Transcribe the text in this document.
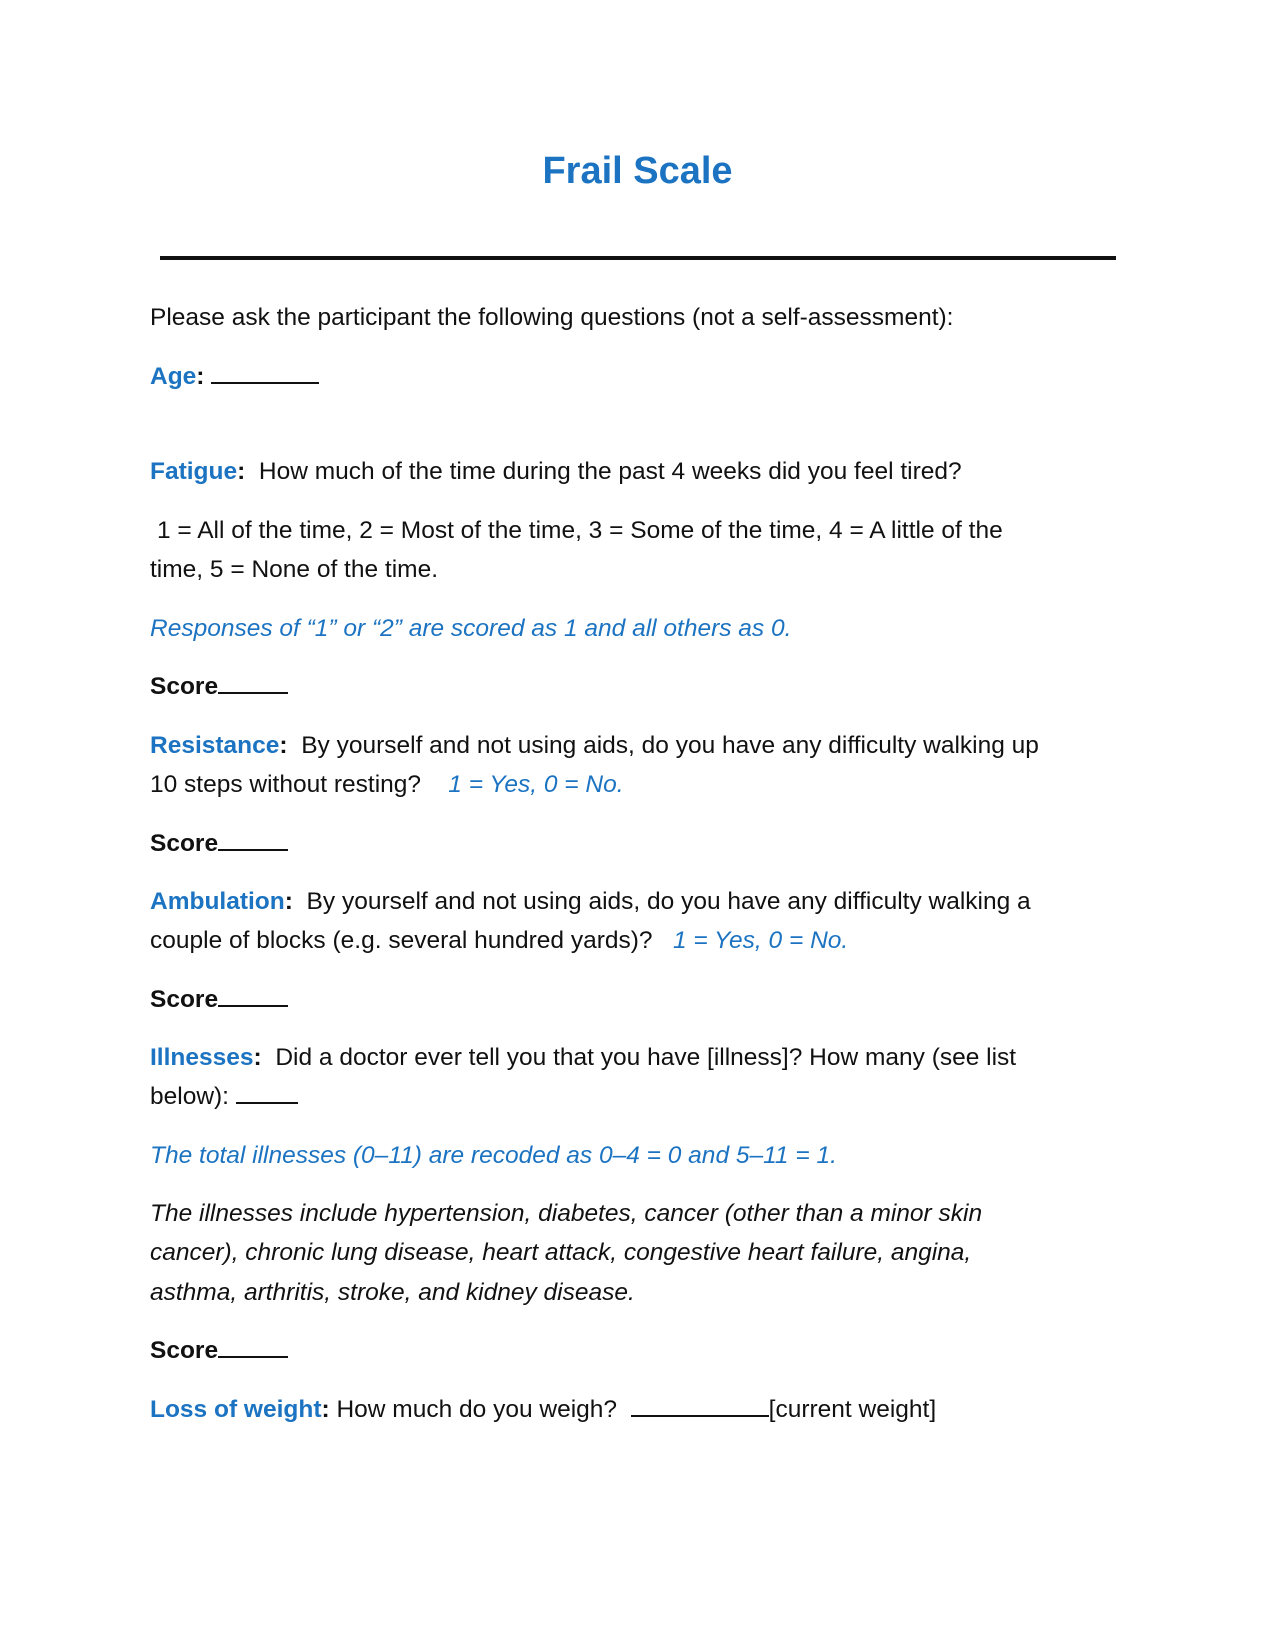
Frail Scale

Please ask the participant the following questions (not a self-assessment):

Age:

Fatigue: How much of the time during the past 4 weeks did you feel tired?

1 = All of the time, 2 = Most of the time, 3 = Some of the time, 4 = A little of the

time, 5 = None of the time.

Responses of “1” or “2” are scored as 1 and all others as 0.

Score

Resistance: By yourself and not using aids, do you have any difficulty walking up

10 steps without resting? 1 = Yes, 0 = No.

Score

Ambulation: By yourself and not using aids, do you have any difficulty walking a

couple of blocks (e.g. several hundred yards)? 1 = Yes, 0 = No.

Score

Illnesses: Did a doctor ever tell you that you have [illness]? How many (see list

below):

The total illnesses (0–11) are recoded as 0–4 = 0 and 5–11 = 1.

The illnesses include hypertension, diabetes, cancer (other than a minor skin

cancer), chronic lung disease, heart attack, congestive heart failure, angina,

asthma, arthritis, stroke, and kidney disease.

Score

Loss of weight: How much do you weigh?	[current weight]
